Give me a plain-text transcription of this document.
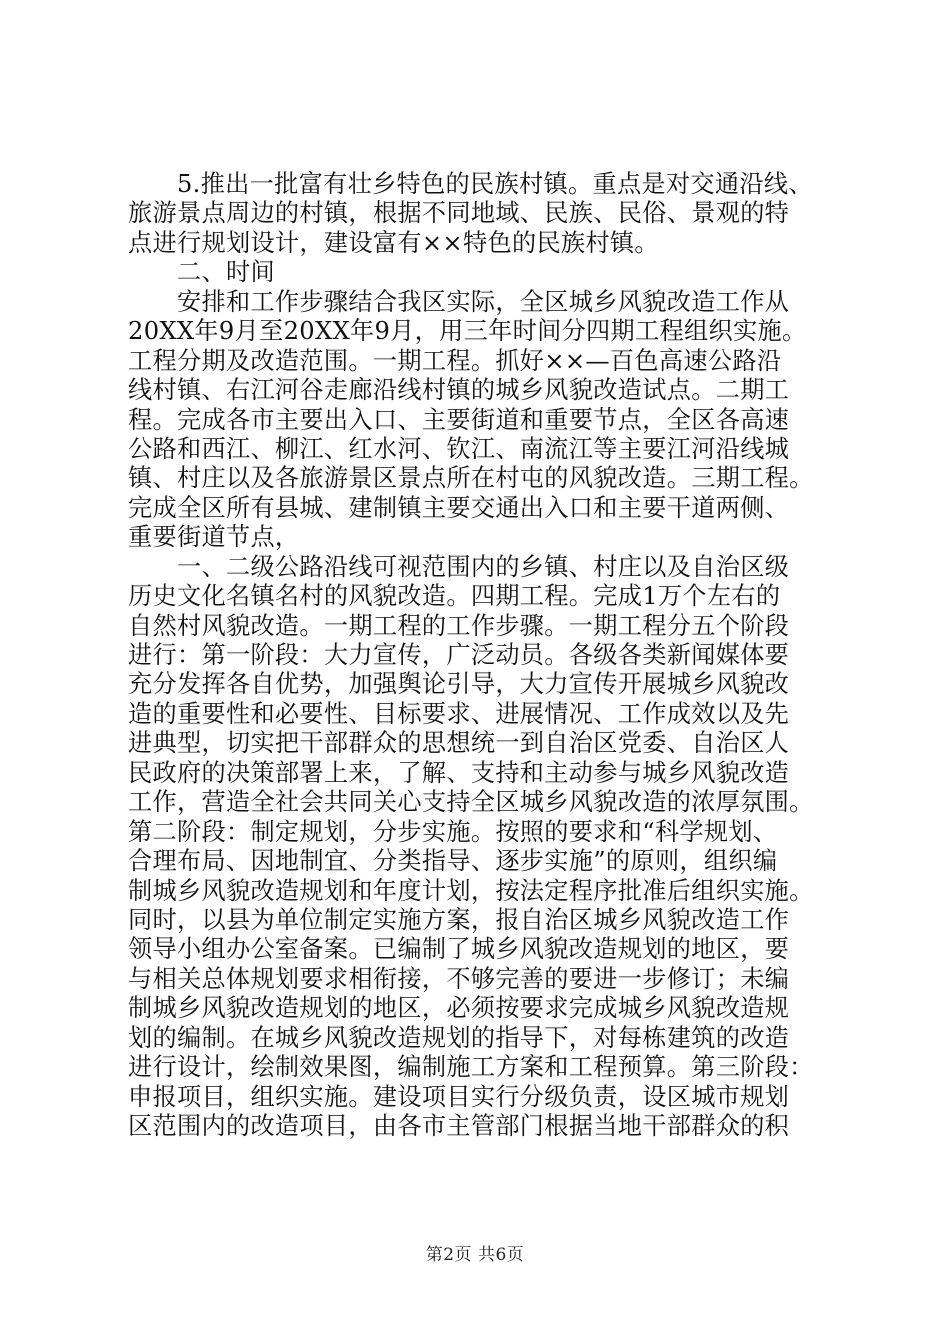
　　5.推出一批富有壮乡特色的民族村镇。重点是对交通沿线、
旅游景点周边的村镇，根据不同地域、民族、民俗、景观的特
点进行规划设计，建设富有××特色的民族村镇。
　　二、时间
　　安排和工作步骤结合我区实际，全区城乡风貌改造工作从
20XX年9月至20XX年9月，用三年时间分四期工程组织实施。
工程分期及改造范围。一期工程。抓好××—百色高速公路沿
线村镇、右江河谷走廊沿线村镇的城乡风貌改造试点。二期工
程。完成各市主要出入口、主要街道和重要节点，全区各高速
公路和西江、柳江、红水河、钦江、南流江等主要江河沿线城
镇、村庄以及各旅游景区景点所在村屯的风貌改造。三期工程。
完成全区所有县城、建制镇主要交通出入口和主要干道两侧、
重要街道节点，
　　一、二级公路沿线可视范围内的乡镇、村庄以及自治区级
历史文化名镇名村的风貌改造。四期工程。完成1万个左右的
自然村风貌改造。一期工程的工作步骤。一期工程分五个阶段
进行：第一阶段：大力宣传，广泛动员。各级各类新闻媒体要
充分发挥各自优势，加强舆论引导，大力宣传开展城乡风貌改
造的重要性和必要性、目标要求、进展情况、工作成效以及先
进典型，切实把干部群众的思想统一到自治区党委、自治区人
民政府的决策部署上来，了解、支持和主动参与城乡风貌改造
工作，营造全社会共同关心支持全区城乡风貌改造的浓厚氛围。
第二阶段：制定规划，分步实施。按照的要求和“科学规划、
合理布局、因地制宜、分类指导、逐步实施”的原则，组织编
制城乡风貌改造规划和年度计划，按法定程序批准后组织实施。
同时，以县为单位制定实施方案，报自治区城乡风貌改造工作
领导小组办公室备案。已编制了城乡风貌改造规划的地区，要
与相关总体规划要求相衔接，不够完善的要进一步修订；未编
制城乡风貌改造规划的地区，必须按要求完成城乡风貌改造规
划的编制。在城乡风貌改造规划的指导下，对每栋建筑的改造
进行设计，绘制效果图，编制施工方案和工程预算。第三阶段：
申报项目，组织实施。建设项目实行分级负责，设区城市规划
区范围内的改造项目，由各市主管部门根据当地干部群众的积
第2页 共6页
